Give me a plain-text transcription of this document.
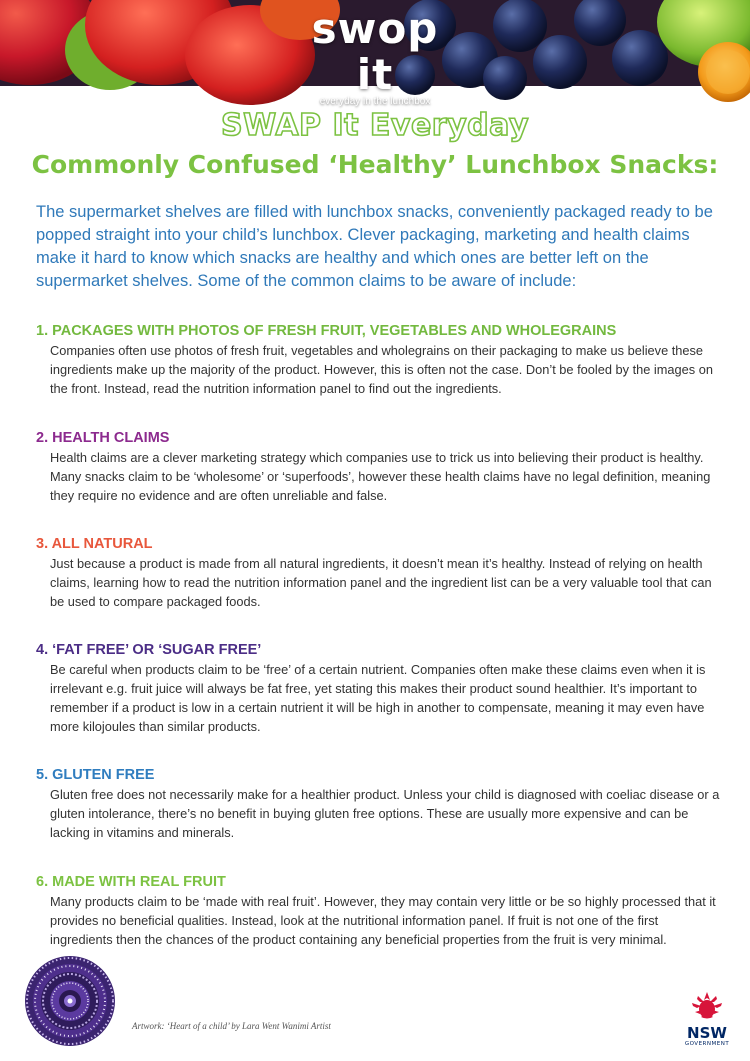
swop it
everyday in the lunchbox
SWAP It Everyday
Commonly Confused ‘Healthy’ Lunchbox Snacks:

The supermarket shelves are filled with lunchbox snacks, conveniently packaged ready to be popped straight into your child’s lunchbox. Clever packaging, marketing and health claims make it hard to know which snacks are healthy and which ones are better left on the supermarket shelves. Some of the common claims to be aware of include:

1. PACKAGES WITH PHOTOS OF FRESH FRUIT, VEGETABLES AND WHOLEGRAINS

Companies often use photos of fresh fruit, vegetables and wholegrains on their packaging to make us believe these ingredients make up the majority of the product. However, this is often not the case. Don’t be fooled by the images on the front. Instead, read the nutrition information panel to find out the ingredients.

2. HEALTH CLAIMS

Health claims are a clever marketing strategy which companies use to trick us into believing their product is healthy. Many snacks claim to be ‘wholesome’ or ‘superfoods’, however these health claims have no legal definition, meaning they require no evidence and are often unreliable and false.

3. ALL NATURAL

Just because a product is made from all natural ingredients, it doesn’t mean it’s healthy. Instead of relying on health claims, learning how to read the nutrition information panel and the ingredient list can be a very valuable tool that can be used to compare packaged foods.

4. ‘FAT FREE’ OR ‘SUGAR FREE’

Be careful when products claim to be ‘free’ of a certain nutrient. Companies often make these claims even when it is irrelevant e.g. fruit juice will always be fat free, yet stating this makes their product sound healthier. It’s important to remember if a product is low in a certain nutrient it will be high in another to compensate, meaning it may even have more kilojoules than similar products.

5. GLUTEN FREE

Gluten free does not necessarily make for a healthier product. Unless your child is diagnosed with coeliac disease or a gluten intolerance, there’s no benefit in buying gluten free options. These are usually more expensive and can be lacking in vitamins and minerals.

6. MADE WITH REAL FRUIT

Many products claim to be ‘made with real fruit’. However, they may contain very little or be so highly processed that it provides no beneficial qualities. Instead, look at the nutritional information panel. If fruit is not one of the first ingredients then the chances of the product containing any beneficial properties from the fruit is very minimal.

Artwork: ‘Heart of a child’ by Lara Went Wanimi Artist	NSW
GOVERNMENT
